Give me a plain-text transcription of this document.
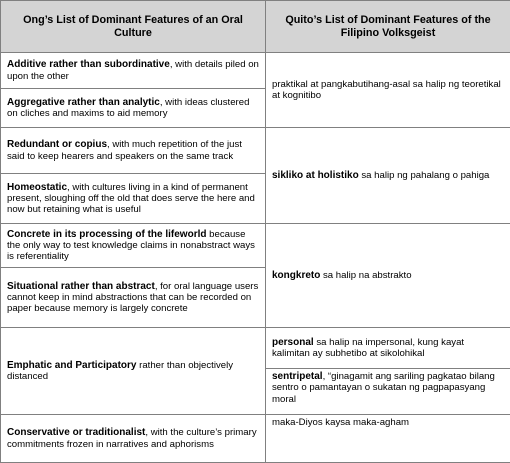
Ong’s List of Dominant Features of an Oral Culture	Quito’s List of Dominant Features of the Filipino Volksgeist
Additive rather than subordinative, with details piled on upon the other	praktikal at pangkabutihang-asal sa halip ng teoretikal at kognitibo
Aggregative rather than analytic, with ideas clustered on cliches and maxims to aid memory	
Redundant or copius, with much repetition of the just said to keep hearers and speakers on the same track	sikliko at holistiko sa halip ng pahalang o pahiga
Homeostatic, with cultures living in a kind of permanent present, sloughing off the old that does serve the here and now but retaining what is useful	
Concrete in its processing of the lifeworld because the only way to test knowledge claims in nonabstract ways is referentiality	kongkreto sa halip na abstrakto
Situational rather than abstract, for oral language users cannot keep in mind abstractions that can be recorded on paper because memory is largely concrete	
Emphatic and Participatory rather than objectively distanced	personal sa halip na impersonal, kung kayat kalimitan ay subhetibo at sikolohikal
	sentripetal, “ginagamit ang sariling pagkatao bilang sentro o pamantayan o sukatan ng pagpapasyang moral
Conservative or traditionalist, with the culture’s primary commitments frozen in narratives and aphorisms	maka-Diyos kaysa maka-agham
